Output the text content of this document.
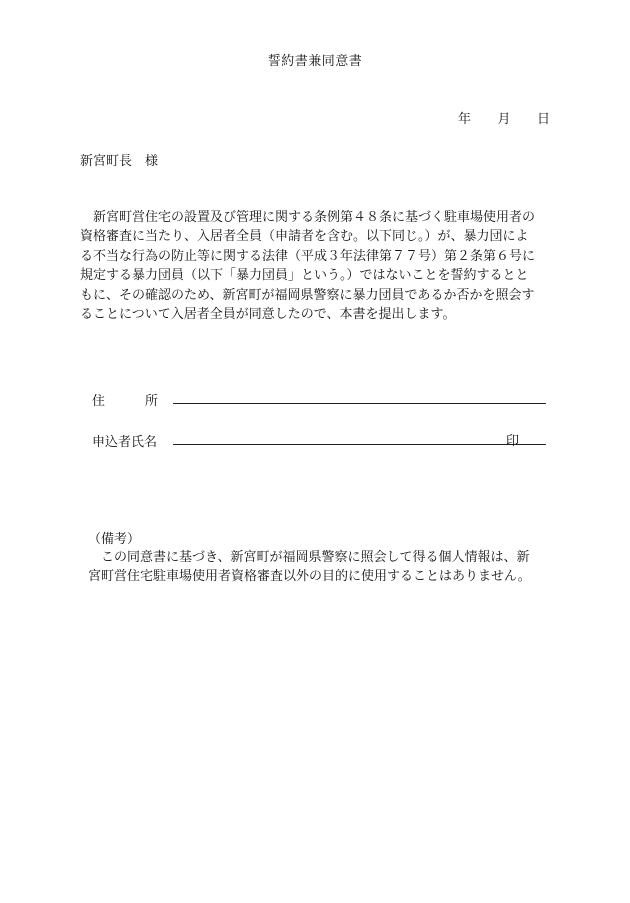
誓約書兼同意書
年 月 日
新宮町長　様
　新宮町営住宅の設置及び管理に関する条例第４８条に基づく駐車場使用者の
資格審査に当たり、入居者全員（申請者を含む。以下同じ。）が、暴力団によ
る不当な行為の防止等に関する法律（平成３年法律第７７号）第２条第６号に
規定する暴力団員（以下「暴力団員」という。）ではないことを誓約するとと
もに、その確認のため、新宮町が福岡県警察に暴力団員であるか否かを照会す
ることについて入居者全員が同意したので、本書を提出します。
住	所
申込者氏名	印
（備考）
　この同意書に基づき、新宮町が福岡県警察に照会して得る個人情報は、新
宮町営住宅駐車場使用者資格審査以外の目的に使用することはありません。
